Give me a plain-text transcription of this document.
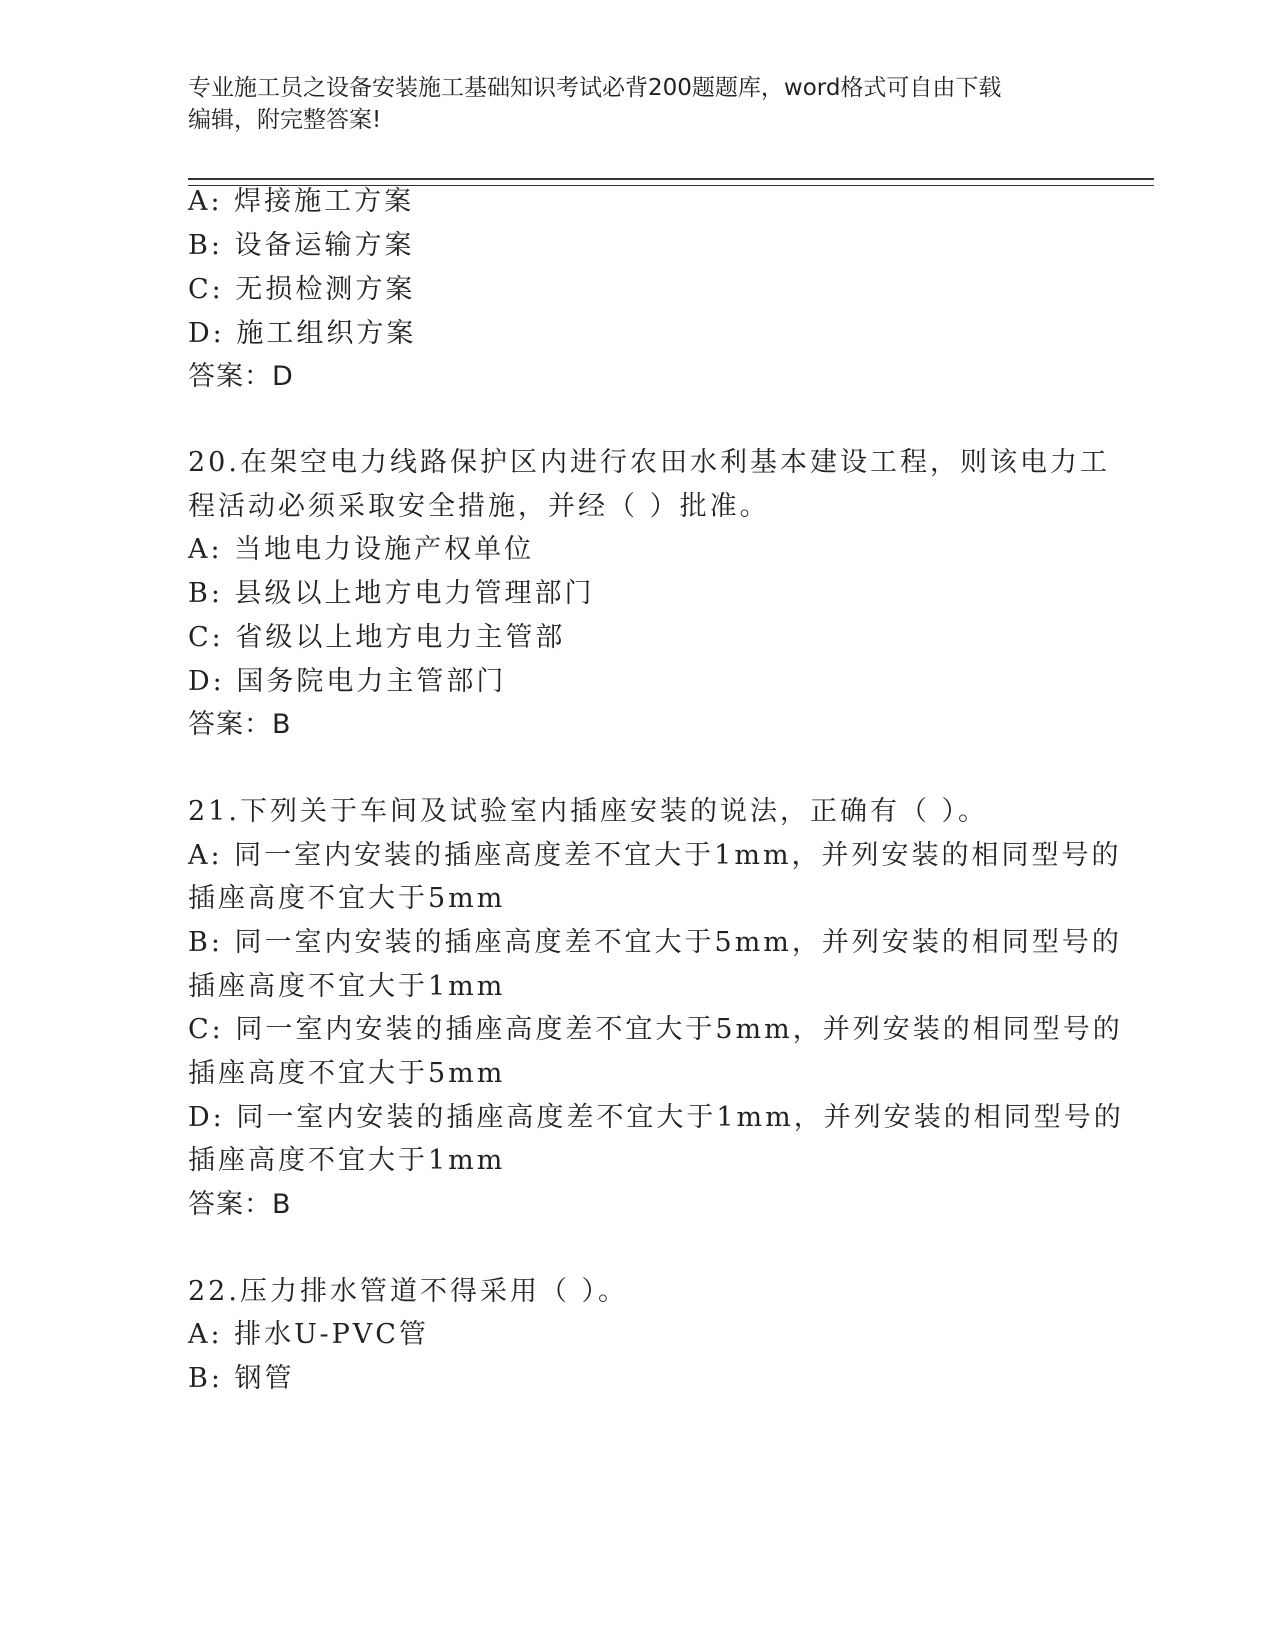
专业施工员之设备安装施工基础知识考试必背200题题库，word格式可自由下载
编辑，附完整答案!
A: 焊接施工方案
B: 设备运输方案
C: 无损检测方案
D: 施工组织方案
答案：D
20.在架空电力线路保护区内进行农田水利基本建设工程，则该电力工
程活动必须采取安全措施，并经（ ）批准。
A: 当地电力设施产权单位
B: 县级以上地方电力管理部门
C: 省级以上地方电力主管部
D: 国务院电力主管部门
答案：B
21.下列关于车间及试验室内插座安装的说法，正确有（ ）。
A: 同一室内安装的插座高度差不宜大于1mm，并列安装的相同型号的
插座高度不宜大于5mm
B: 同一室内安装的插座高度差不宜大于5mm，并列安装的相同型号的
插座高度不宜大于1mm
C: 同一室内安装的插座高度差不宜大于5mm，并列安装的相同型号的
插座高度不宜大于5mm
D: 同一室内安装的插座高度差不宜大于1mm，并列安装的相同型号的
插座高度不宜大于1mm
答案：B
22.压力排水管道不得采用（ ）。
A: 排水U-PVC管
B: 钢管
